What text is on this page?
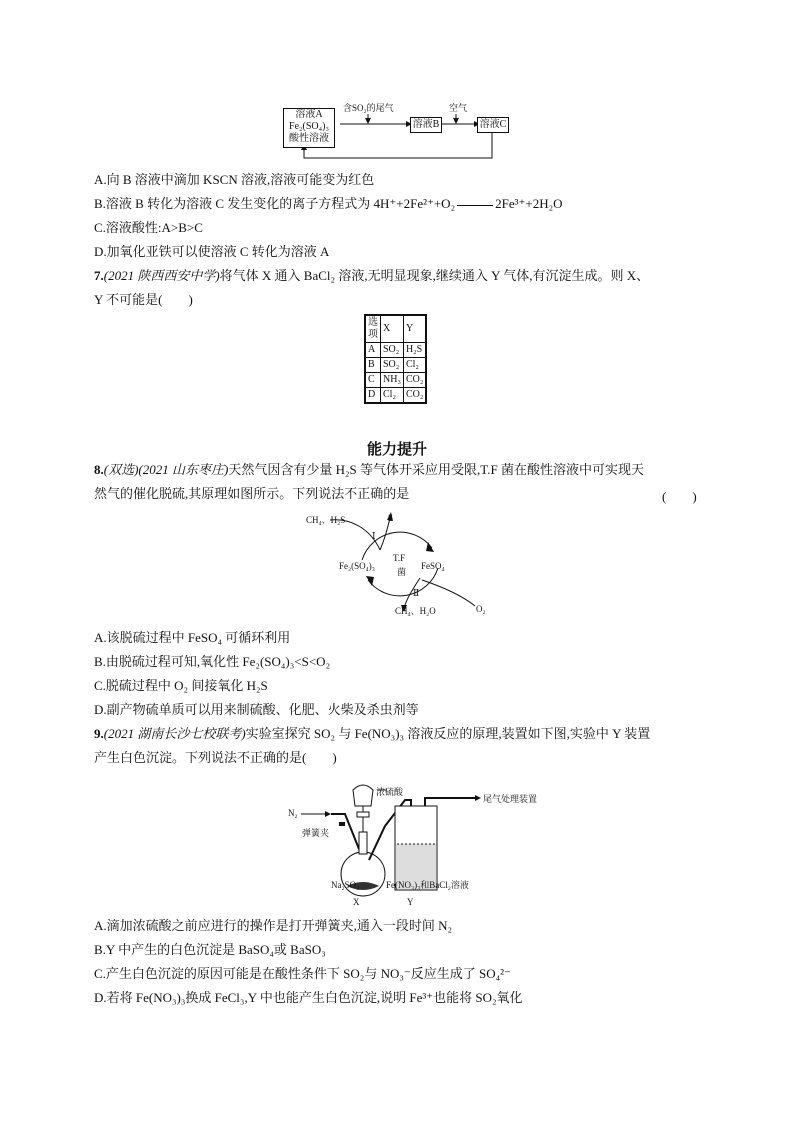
溶液A
Fe₂(SO₄)₃
酸性溶液
含SO₂的尾气
溶液B
空气
溶液C
A.向 B 溶液中滴加 KSCN 溶液,溶液可能变为红色
B.溶液 B 转化为溶液 C 发生变化的离子方程式为 4H⁺+2Fe²⁺+O₂	2Fe³⁺+2H₂O
C.溶液酸性:A>B>C
D.加氧化亚铁可以使溶液 C 转化为溶液 A
7.(2021 陕西西安中学)将气体 X 通入 BaCl₂ 溶液,无明显现象,继续通入 Y 气体,有沉淀生成。则 X、
Y 不可能是(　　)
选项	X	Y
A	SO₂	H₂S
B	SO₂	Cl₂
C	NH₃	CO₂
D	Cl₂	CO₂
能力提升
8.(双选)(2021 山东枣庄)天然气因含有少量 H₂S 等气体开采应用受限,T.F 菌在酸性溶液中可实现天
然气的催化脱硫,其原理如图所示。下列说法不正确的是	(　　)
CH₄、H₂S	S
Ⅰ
Fe₂(SO₄)₃
T.F
菌
FeSO₄
Ⅱ
CH₄、H₂O	O₂
A.该脱硫过程中 FeSO₄ 可循环利用
B.由脱硫过程可知,氧化性 Fe₂(SO₄)₃<S<O₂
C.脱硫过程中 O₂ 间接氧化 H₂S
D.副产物硫单质可以用来制硫酸、化肥、火柴及杀虫剂等
9.(2021 湖南长沙七校联考)实验室探究 SO₂ 与 Fe(NO₃)₃ 溶液反应的原理,装置如下图,实验中 Y 装置
产生白色沉淀。下列说法不正确的是(　　)
N₂
弹簧夹
浓硫酸
尾气处理装置
Na₂SO₃	Fe(NO₃)₃和BaCl₂溶液
X	Y
A.滴加浓硫酸之前应进行的操作是打开弹簧夹,通入一段时间 N₂
B.Y 中产生的白色沉淀是 BaSO₄或 BaSO₃
C.产生白色沉淀的原因可能是在酸性条件下 SO₂与 NO₃⁻反应生成了 SO₄²⁻
D.若将 Fe(NO₃)₃换成 FeCl₃,Y 中也能产生白色沉淀,说明 Fe³⁺也能将 SO₂氧化
